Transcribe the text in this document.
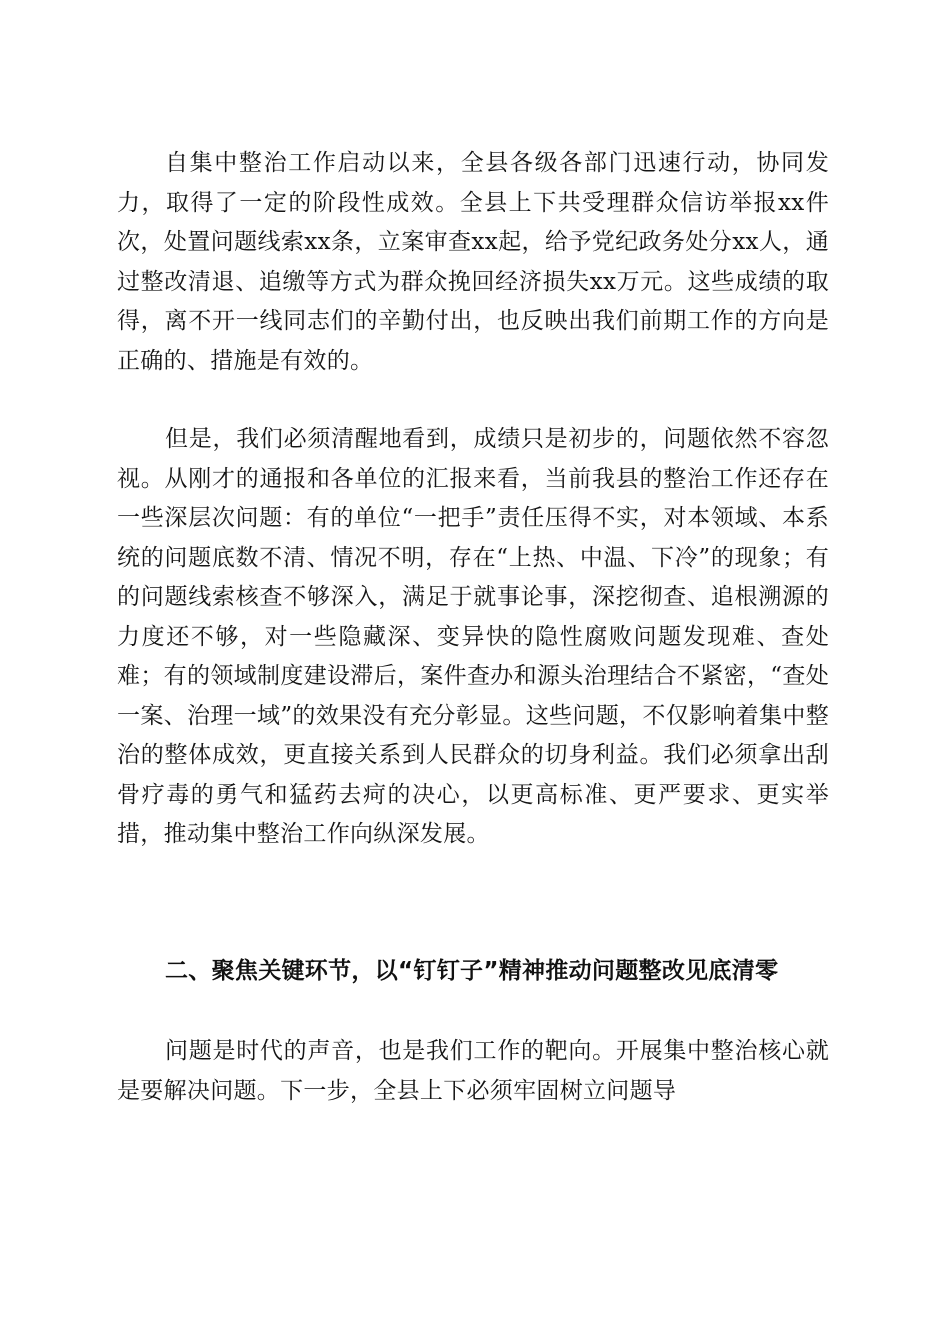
自集中整治工作启动以来，全县各级各部门迅速行动，协同发力，取得了一定的阶段性成效。全县上下共受理群众信访举报xx件次，处置问题线索xx条，立案审查xx起，给予党纪政务处分xx人，通过整改清退、追缴等方式为群众挽回经济损失xx万元。这些成绩的取得，离不开一线同志们的辛勤付出，也反映出我们前期工作的方向是正确的、措施是有效的。

但是，我们必须清醒地看到，成绩只是初步的，问题依然不容忽视。从刚才的通报和各单位的汇报来看，当前我县的整治工作还存在一些深层次问题：有的单位“一把手”责任压得不实，对本领域、本系统的问题底数不清、情况不明，存在“上热、中温、下冷”的现象；有的问题线索核查不够深入，满足于就事论事，深挖彻查、追根溯源的力度还不够，对一些隐藏深、变异快的隐性腐败问题发现难、查处难；有的领域制度建设滞后，案件查办和源头治理结合不紧密，“查处一案、治理一域”的效果没有充分彰显。这些问题，不仅影响着集中整治的整体成效，更直接关系到人民群众的切身利益。我们必须拿出刮骨疗毒的勇气和猛药去疴的决心，以更高标准、更严要求、更实举措，推动集中整治工作向纵深发展。

二、聚焦关键环节，以“钉钉子”精神推动问题整改见底清零

问题是时代的声音，也是我们工作的靶向。开展集中整治核心就是要解决问题。下一步，全县上下必须牢固树立问题导
